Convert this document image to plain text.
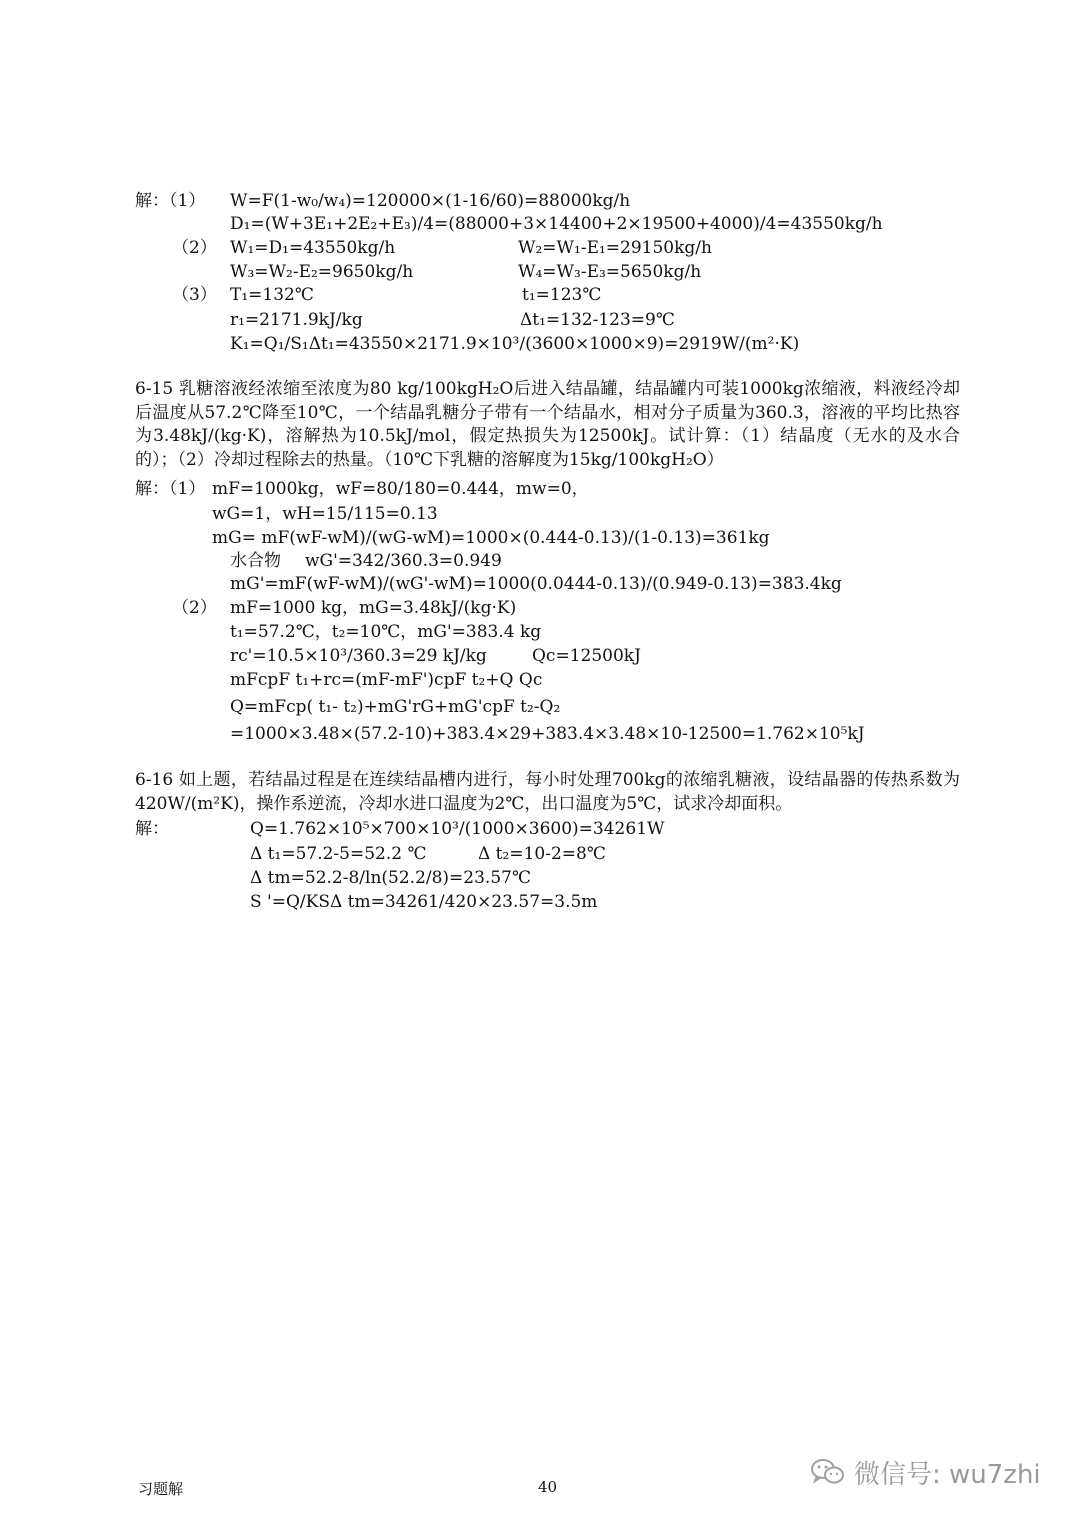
解：（1） W=F(1-w₀/w₄)=120000×(1-16/60)=88000kg/h
D₁=(W+3E₁+2E₂+E₃)/4=(88000+3×14400+2×19500+4000)/4=43550kg/h
（2） W₁=D₁=43550kg/h	W₂=W₁-E₁=29150kg/h
W₃=W₂-E₂=9650kg/h	W₄=W₃-E₃=5650kg/h
（3） T₁=132℃	t₁=123℃
r₁=2171.9kJ/kg	Δt₁=132-123=9℃
K₁=Q₁/S₁Δt₁=43550×2171.9×10³/(3600×1000×9)=2919W/(m²·K)
6-15 乳糖溶液经浓缩至浓度为80 kg/100kgH₂O后进入结晶罐，结晶罐内可装1000kg浓缩液，料液经冷却后温度从57.2℃降至10℃，一个结晶乳糖分子带有一个结晶水，相对分子质量为360.3，溶液的平均比热容为3.48kJ/(kg·K)，溶解热为10.5kJ/mol，假定热损失为12500kJ。试计算：（1）结晶度（无水的及水合的）；（2）冷却过程除去的热量。（10℃下乳糖的溶解度为15kg/100kgH₂O）
解：（1） mF=1000kg，wF=80/180=0.444，mw=0，
wG=1，wH=15/115=0.13
mG= mF(wF-wM)/(wG-wM)=1000×(0.444-0.13)/(1-0.13)=361kg
水合物 wG'=342/360.3=0.949
mG'=mF(wF-wM)/(wG'-wM)=1000(0.0444-0.13)/(0.949-0.13)=383.4kg
（2） mF=1000 kg，mG=3.48kJ/(kg·K)
t₁=57.2℃，t₂=10℃，mG'=383.4 kg
rc'=10.5×10³/360.3=29 kJ/kg	Qc=12500kJ
mFcpF t₁+rc=(mF-mF')cpF t₂+Q Qc
Q=mFcp( t₁- t₂)+mG'rG+mG'cpF t₂-Q₂
=1000×3.48×(57.2-10)+383.4×29+383.4×3.48×10-12500=1.762×10⁵kJ
6-16 如上题，若结晶过程是在连续结晶槽内进行，每小时处理700kg的浓缩乳糖液，设结晶器的传热系数为420W/(m²K)，操作系逆流，冷却水进口温度为2℃，出口温度为5℃，试求冷却面积。
解：	Q=1.762×10⁵×700×10³/(1000×3600)=34261W
Δ t₁=57.2-5=52.2 ℃	Δ t₂=10-2=8℃
Δ tm=52.2-8/ln(52.2/8)=23.57℃
S '=Q/KSΔ tm=34261/420×23.57=3.5m
习题解	40	微信号: wu7zhi
